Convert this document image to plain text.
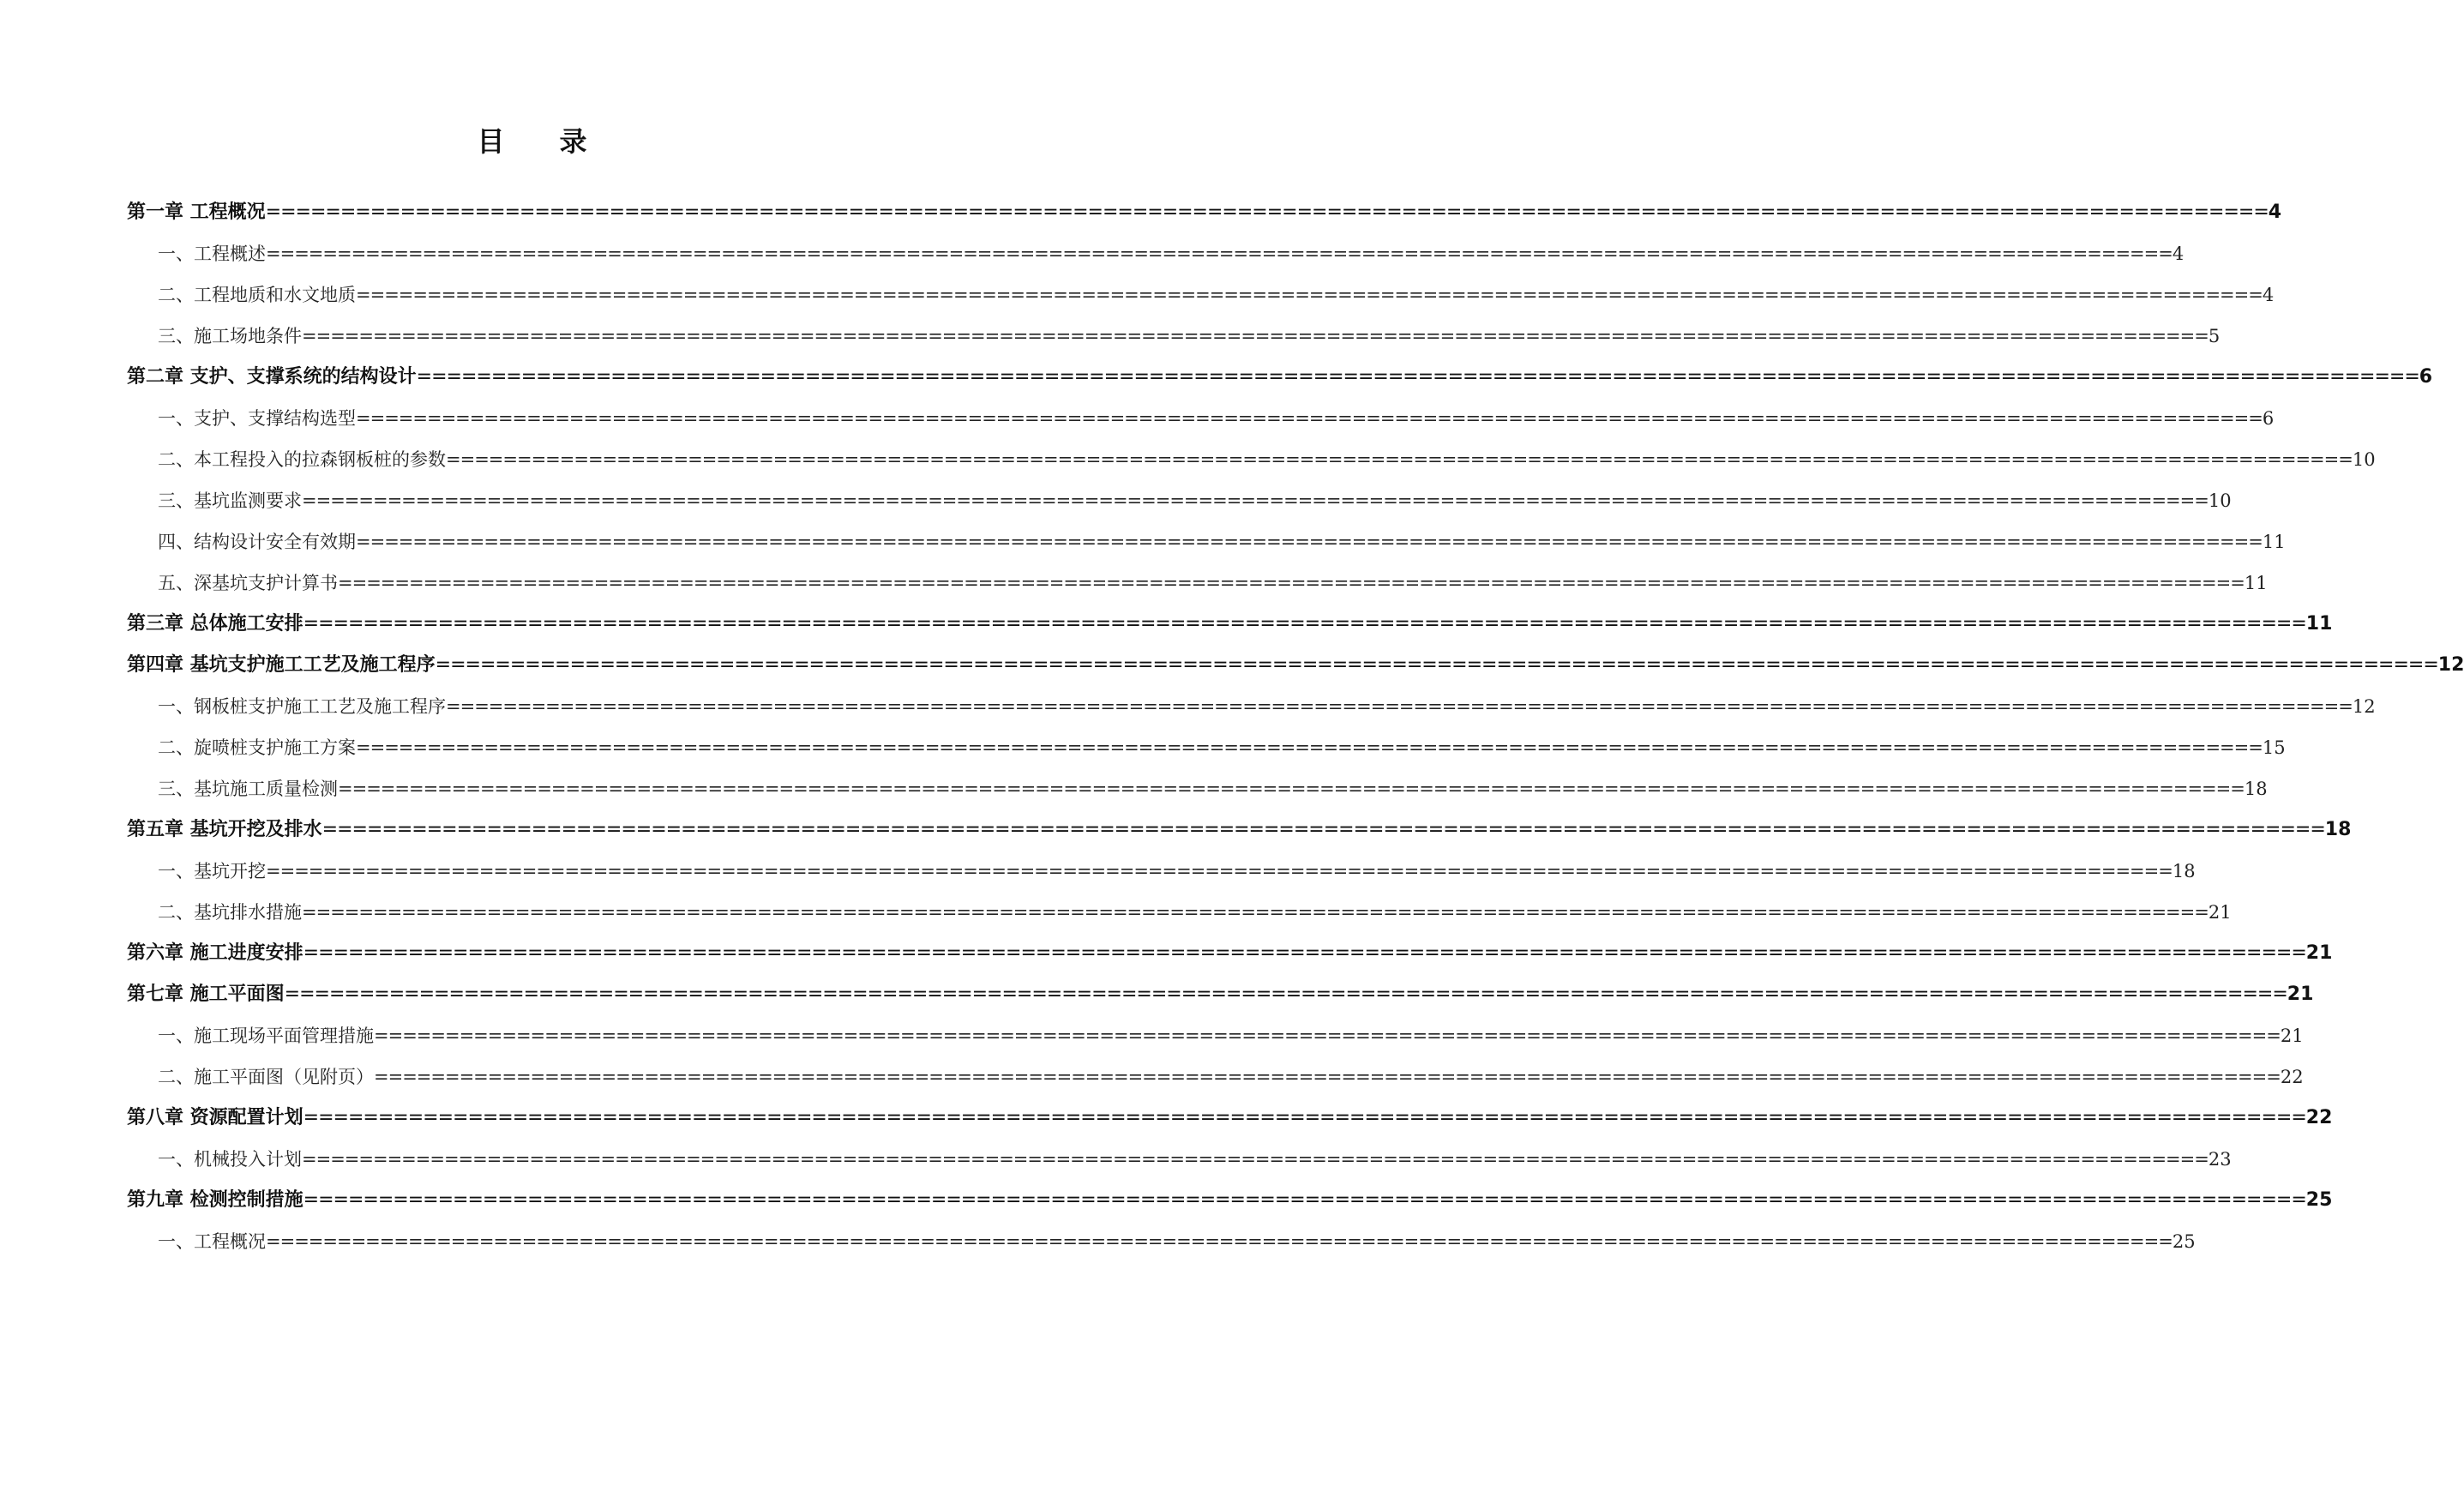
目 录
第一章 工程概况 ====================================================================================================================================== 4
一、工程概述 ====================================================================================================================================== 4
二、工程地质和水文地质 ====================================================================================================================================== 4
三、施工场地条件 ====================================================================================================================================== 5
第二章 支护、支撑系统的结构设计 ====================================================================================================================================== 6
一、支护、支撑结构选型 ====================================================================================================================================== 6
二、本工程投入的拉森钢板桩的参数 ====================================================================================================================================== 10
三、基坑监测要求 ====================================================================================================================================== 10
四、结构设计安全有效期 ====================================================================================================================================== 11
五、深基坑支护计算书 ====================================================================================================================================== 11
第三章 总体施工安排 ====================================================================================================================================== 11
第四章 基坑支护施工工艺及施工程序 ====================================================================================================================================== 12
一、钢板桩支护施工工艺及施工程序 ====================================================================================================================================== 12
二、旋喷桩支护施工方案 ====================================================================================================================================== 15
三、基坑施工质量检测 ====================================================================================================================================== 18
第五章 基坑开挖及排水 ====================================================================================================================================== 18
一、基坑开挖 ====================================================================================================================================== 18
二、基坑排水措施 ====================================================================================================================================== 21
第六章 施工进度安排 ====================================================================================================================================== 21
第七章 施工平面图 ====================================================================================================================================== 21
一、施工现场平面管理措施 ====================================================================================================================================== 21
二、施工平面图（见附页） ====================================================================================================================================== 22
第八章 资源配置计划 ====================================================================================================================================== 22
一、机械投入计划 ====================================================================================================================================== 23
第九章 检测控制措施 ====================================================================================================================================== 25
一、工程概况 ====================================================================================================================================== 25
